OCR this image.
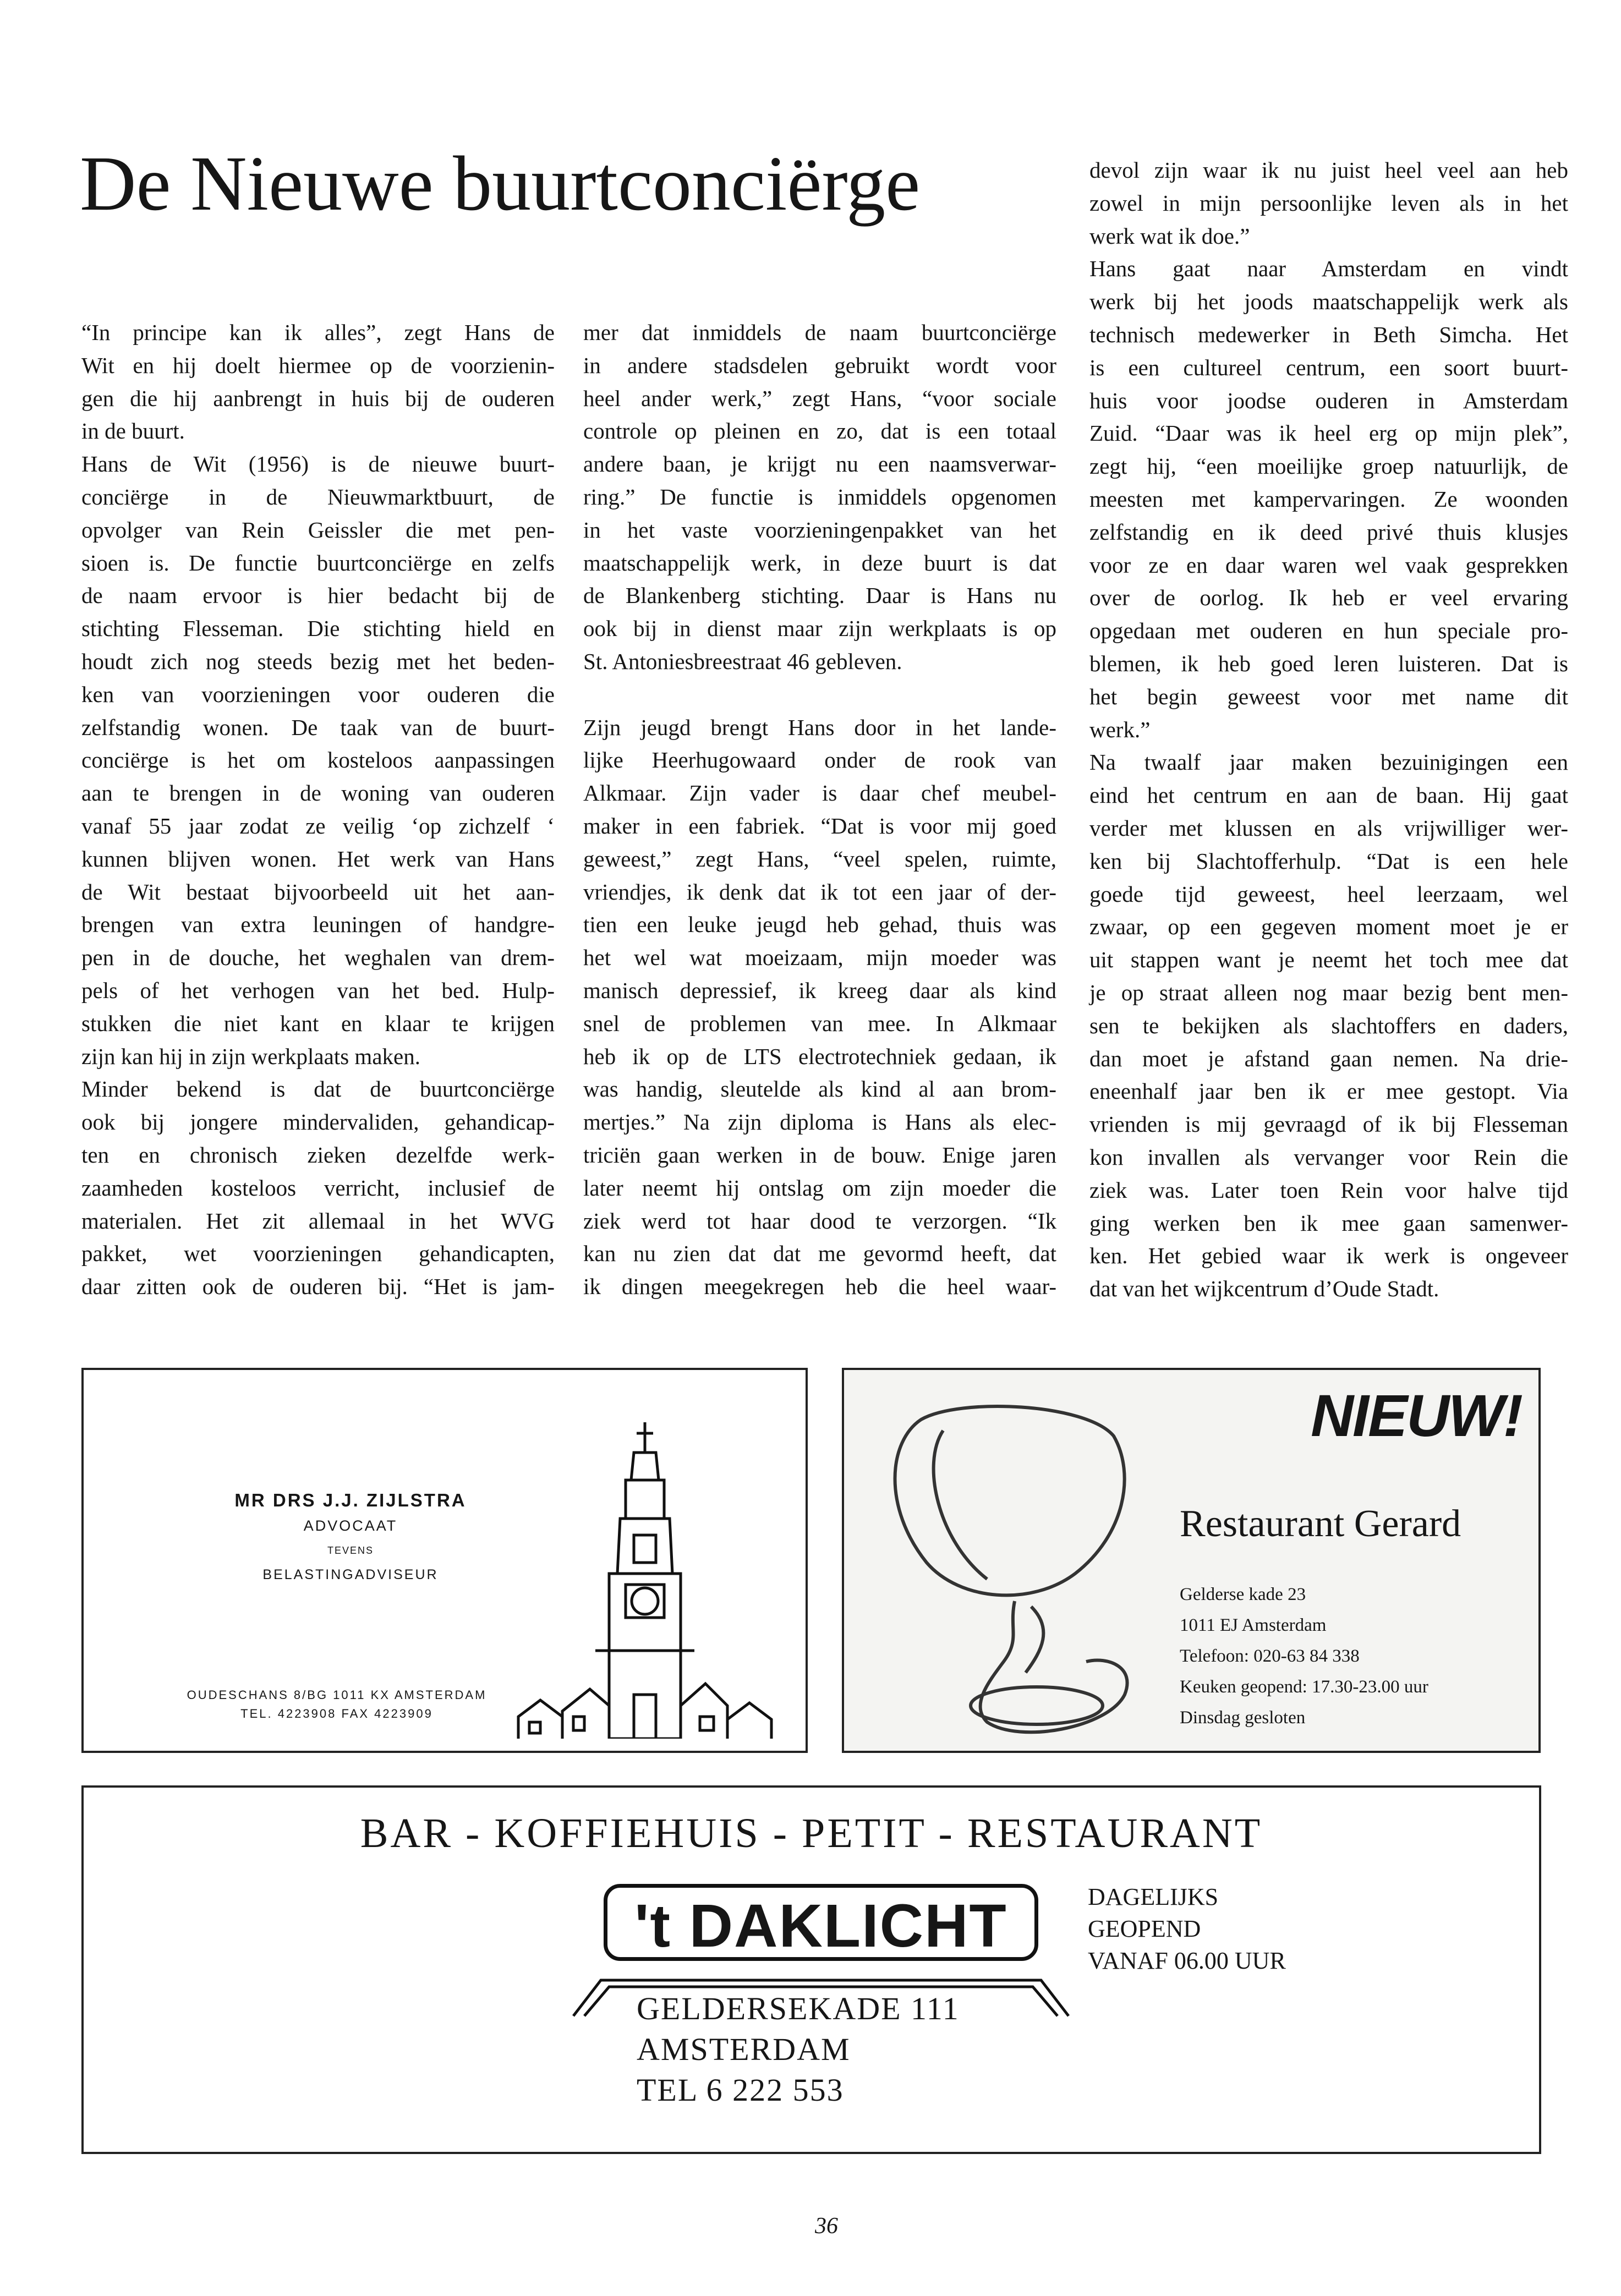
De Nieuwe buurtconciërge

“In principe kan ik alles”, zegt Hans de

Wit en hij doelt hiermee op de voorzienin-

gen die hij aanbrengt in huis bij de ouderen

in de buurt.

Hans de Wit (1956) is de nieuwe buurt-

conciërge in de Nieuwmarktbuurt, de

opvolger van Rein Geissler die met pen-

sioen is. De functie buurtconciërge en zelfs

de naam ervoor is hier bedacht bij de

stichting Flesseman. Die stichting hield en

houdt zich nog steeds bezig met het beden-

ken van voorzieningen voor ouderen die

zelfstandig wonen. De taak van de buurt-

conciërge is het om kosteloos aanpassingen

aan te brengen in de woning van ouderen

vanaf 55 jaar zodat ze veilig ‘op zichzelf ‘

kunnen blijven wonen. Het werk van Hans

de Wit bestaat bijvoorbeeld uit het aan-

brengen van extra leuningen of handgre-

pen in de douche, het weghalen van drem-

pels of het verhogen van het bed. Hulp-

stukken die niet kant en klaar te krijgen

zijn kan hij in zijn werkplaats maken.

Minder bekend is dat de buurtconciërge

ook bij jongere mindervaliden, gehandicap-

ten en chronisch zieken dezelfde werk-

zaamheden kosteloos verricht, inclusief de

materialen. Het zit allemaal in het WVG

pakket, wet voorzieningen gehandicapten,

daar zitten ook de ouderen bij. “Het is jam-

mer dat inmiddels de naam buurtconciërge

in andere stadsdelen gebruikt wordt voor

heel ander werk,” zegt Hans, “voor sociale

controle op pleinen en zo, dat is een totaal

andere baan, je krijgt nu een naamsverwar-

ring.” De functie is inmiddels opgenomen

in het vaste voorzieningenpakket van het

maatschappelijk werk, in deze buurt is dat

de Blankenberg stichting. Daar is Hans nu

ook bij in dienst maar zijn werkplaats is op

St. Antoniesbreestraat 46 gebleven.

Zijn jeugd brengt Hans door in het lande-

lijke Heerhugowaard onder de rook van

Alkmaar. Zijn vader is daar chef meubel-

maker in een fabriek. “Dat is voor mij goed

geweest,” zegt Hans, “veel spelen, ruimte,

vriendjes, ik denk dat ik tot een jaar of der-

tien een leuke jeugd heb gehad, thuis was

het wel wat moeizaam, mijn moeder was

manisch depressief, ik kreeg daar als kind

snel de problemen van mee. In Alkmaar

heb ik op de LTS electrotechniek gedaan, ik

was handig, sleutelde als kind al aan brom-

mertjes.” Na zijn diploma is Hans als elec-

triciën gaan werken in de bouw. Enige jaren

later neemt hij ontslag om zijn moeder die

ziek werd tot haar dood te verzorgen. “Ik

kan nu zien dat dat me gevormd heeft, dat

ik dingen meegekregen heb die heel waar-

devol zijn waar ik nu juist heel veel aan heb

zowel in mijn persoonlijke leven als in het

werk wat ik doe.”

Hans gaat naar Amsterdam en vindt

werk bij het joods maatschappelijk werk als

technisch medewerker in Beth Simcha. Het

is een cultureel centrum, een soort buurt-

huis voor joodse ouderen in Amsterdam

Zuid. “Daar was ik heel erg op mijn plek”,

zegt hij, “een moeilijke groep natuurlijk, de

meesten met kampervaringen. Ze woonden

zelfstandig en ik deed privé thuis klusjes

voor ze en daar waren wel vaak gesprekken

over de oorlog. Ik heb er veel ervaring

opgedaan met ouderen en hun speciale pro-

blemen, ik heb goed leren luisteren. Dat is

het begin geweest voor met name dit

werk.”

Na twaalf jaar maken bezuinigingen een

eind het centrum en aan de baan. Hij gaat

verder met klussen en als vrijwilliger wer-

ken bij Slachtofferhulp. “Dat is een hele

goede tijd geweest, heel leerzaam, wel

zwaar, op een gegeven moment moet je er

uit stappen want je neemt het toch mee dat

je op straat alleen nog maar bezig bent men-

sen te bekijken als slachtoffers en daders,

dan moet je afstand gaan nemen. Na drie-

eneenhalf jaar ben ik er mee gestopt. Via

vrienden is mij gevraagd of ik bij Flesseman

kon invallen als vervanger voor Rein die

ziek was. Later toen Rein voor halve tijd

ging werken ben ik mee gaan samenwer-

ken. Het gebied waar ik werk is ongeveer

dat van het wijkcentrum d’Oude Stadt.

MR DRS J.J. ZIJLSTRA
ADVOCAAT
TEVENS
BELASTINGADVISEUR
OUDESCHANS 8/BG 1011 KX AMSTERDAM
TEL. 4223908 FAX 4223909
NIEUW!
Restaurant Gerard
Gelderse kade 23
1011 EJ Amsterdam
Telefoon: 020-63 84 338
Keuken geopend: 17.30-23.00 uur
Dinsdag gesloten
BAR - KOFFIEHUIS - PETIT - RESTAURANT
't DAKLICHT	DAGELIJKS
GEOPEND
VANAF 06.00 UUR
GELDERSEKADE 111
AMSTERDAM
TEL 6 222 553
36
